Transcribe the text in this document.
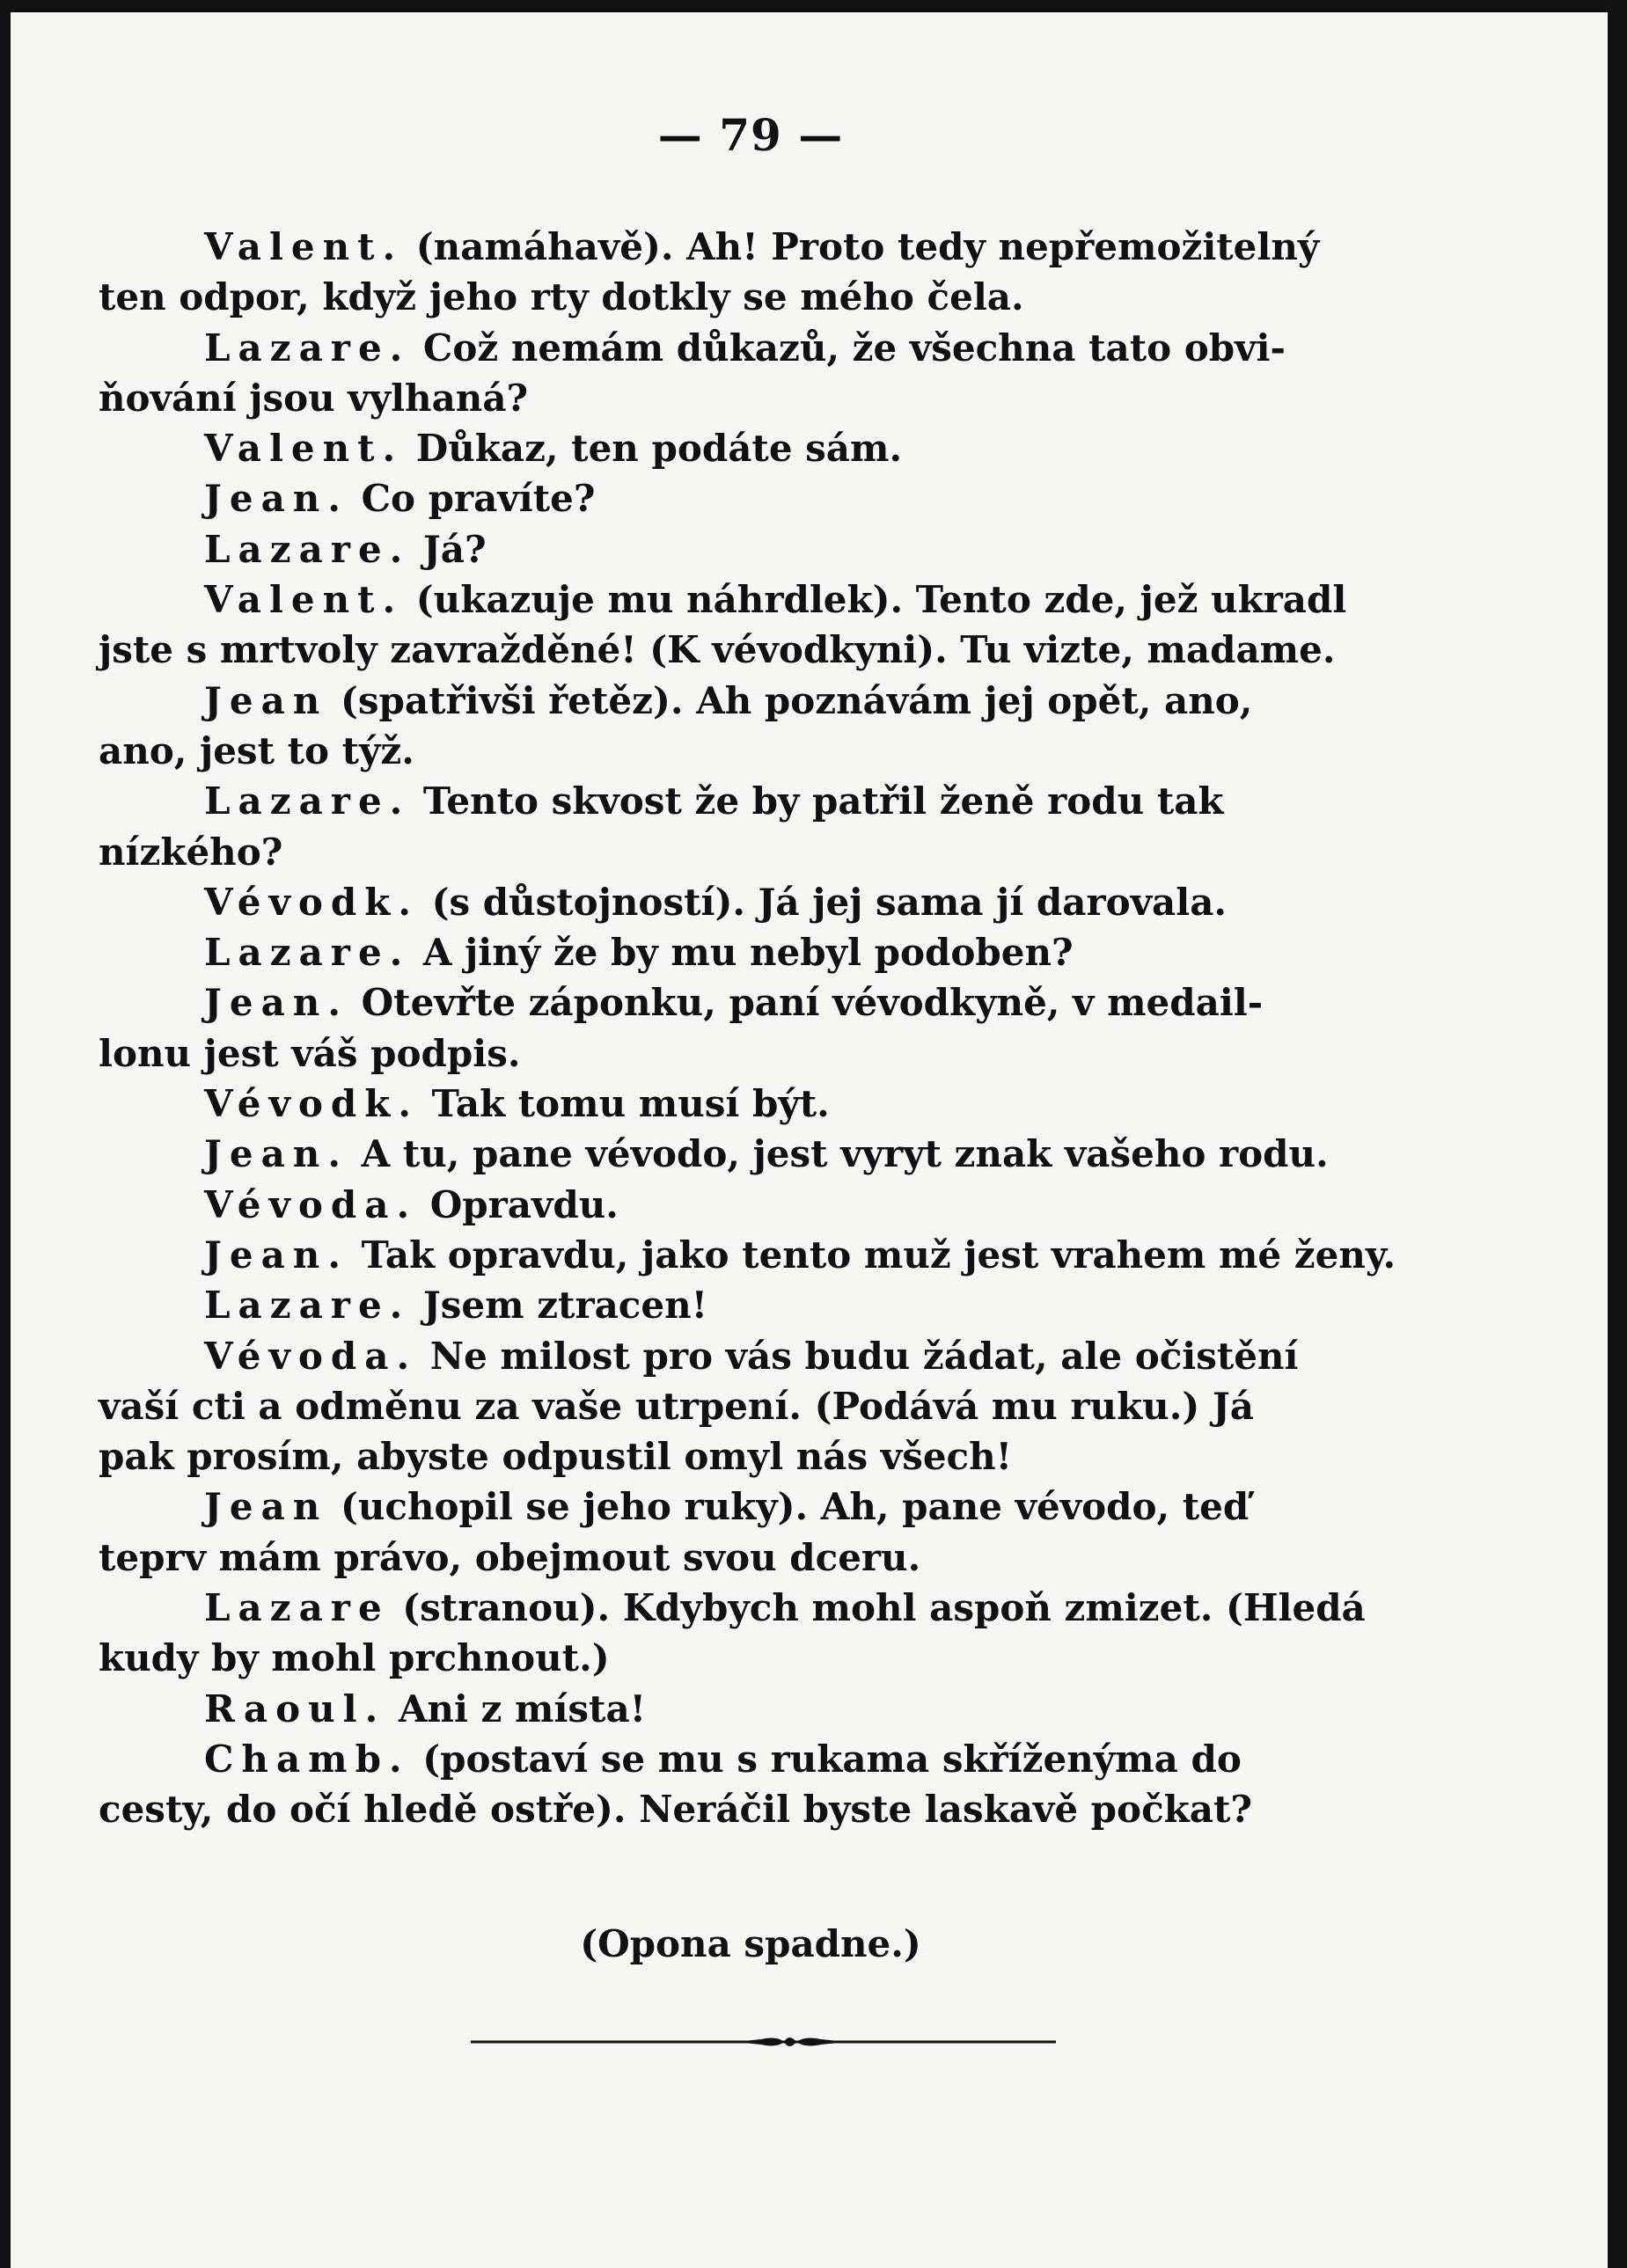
— 79 —
Valent. (namáhavě). Ah! Proto tedy nepřemožitelný
ten odpor, když jeho rty dotkly se mého čela.
Lazare. Což nemám důkazů, že všechna tato obvi-
ňování jsou vylhaná?
Valent. Důkaz, ten podáte sám.
Jean. Co pravíte?
Lazare. Já?
Valent. (ukazuje mu náhrdlek). Tento zde, jež ukradl
jste s mrtvoly zavražděné! (K vévodkyni). Tu vizte, madame.
Jean (spatřivši řetěz). Ah poznávám jej opět, ano,
ano, jest to týž.
Lazare. Tento skvost že by patřil ženě rodu tak
nízkého?
Vévodk. (s důstojností). Já jej sama jí darovala.
Lazare. A jiný že by mu nebyl podoben?
Jean. Otevřte záponku, paní vévodkyně, v medail-
lonu jest váš podpis.
Vévodk. Tak tomu musí být.
Jean. A tu, pane vévodo, jest vyryt znak vašeho rodu.
Vévoda. Opravdu.
Jean. Tak opravdu, jako tento muž jest vrahem mé ženy.
Lazare. Jsem ztracen!
Vévoda. Ne milost pro vás budu žádat, ale očistění
vaší cti a odměnu za vaše utrpení. (Podává mu ruku.) Já
pak prosím, abyste odpustil omyl nás všech!
Jean (uchopil se jeho ruky). Ah, pane vévodo, teď
teprv mám právo, obejmout svou dceru.
Lazare (stranou). Kdybych mohl aspoň zmizet. (Hledá
kudy by mohl prchnout.)
Raoul. Ani z místa!
Chamb. (postaví se mu s rukama skříženýma do
cesty, do očí hledě ostře). Neráčil byste laskavě počkat?
(Opona spadne.)
